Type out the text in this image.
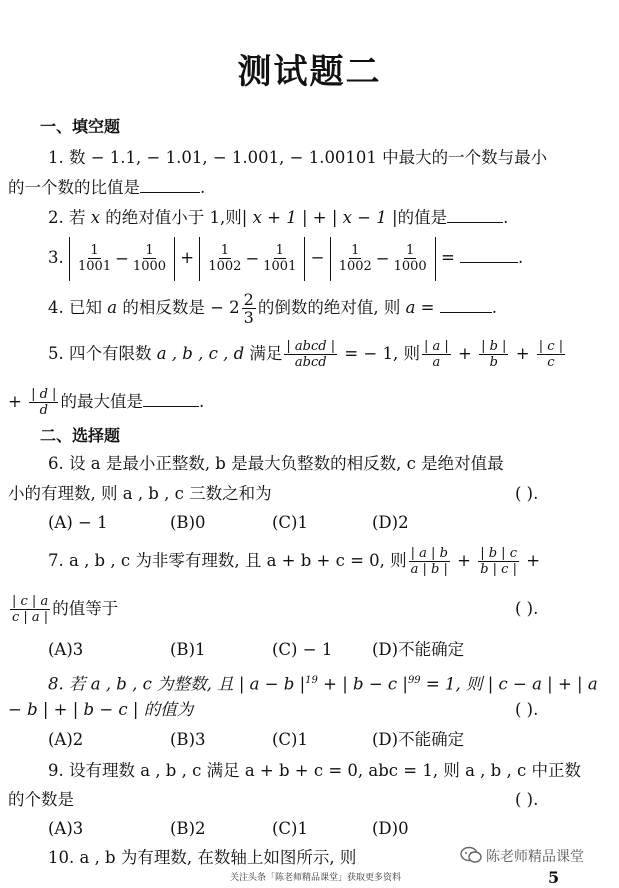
测试题二
一、填空题
1. 数 − 1.1, − 1.01, − 1.001, − 1.00101 中最大的一个数与最小
的一个数的比值是	.
2. 若 x 的绝对值小于 1,则| x + 1 | + | x − 1 |的值是	.
3. $\frac{1}{1001} - \frac{1}{1000} + \frac{1}{1002} - \frac{1}{1001} - \frac{1}{1002} - \frac{1}{1000}$ =	.
4. 已知 a 的相反数是 − $2 \frac{2}{3}$ 的倒数的绝对值, 则 a =	.
5. 四个有限数 a , b , c , d 满足 $\frac{\text{| abcd |}}{\text{abcd}}$ = − 1, 则 $\frac{| a |}{a} + \frac{| b |}{b} + \frac{| c |}{c}$
+ $\frac{| d |}{d}$ 的最大值是	.
二、选择题
6. 设 a 是最小正整数, b 是最大负整数的相反数, c 是绝对值最
小的有理数, 则 a , b , c 三数之和为	( ).
(A) − 1	(B)0	(C)1	(D)2
7. a , b , c 为非零有理数, 且 a + b + c = 0, 则 $\frac{| a | b}{a | b |} + \frac{| b | c}{b | c |}$ +
$\frac{| c | a}{c | a |}$ 的值等于	( ).
(A)3	(B)1	(C) − 1 (D)不能确定
8. 若 a , b , c 为整数, 且 | a − b $|^{19}$ + | b − c $|^{99} = 1$, 则 | c − a | + | a
− b | + | b − c | 的值为	( ).
(A)2	(B)3	(C)1	(D)不能确定
9. 设有理数 a , b , c 满足 a + b + c = 0, abc = 1, 则 a , b , c 中正数
的个数是	( ).
(A)3	(B)2	(C)1	(D)0
10. a , b 为有理数, 在数轴上如图所示, 则	陈老师精品课堂
关注头条「陈老师精品课堂」获取更多资料	5
